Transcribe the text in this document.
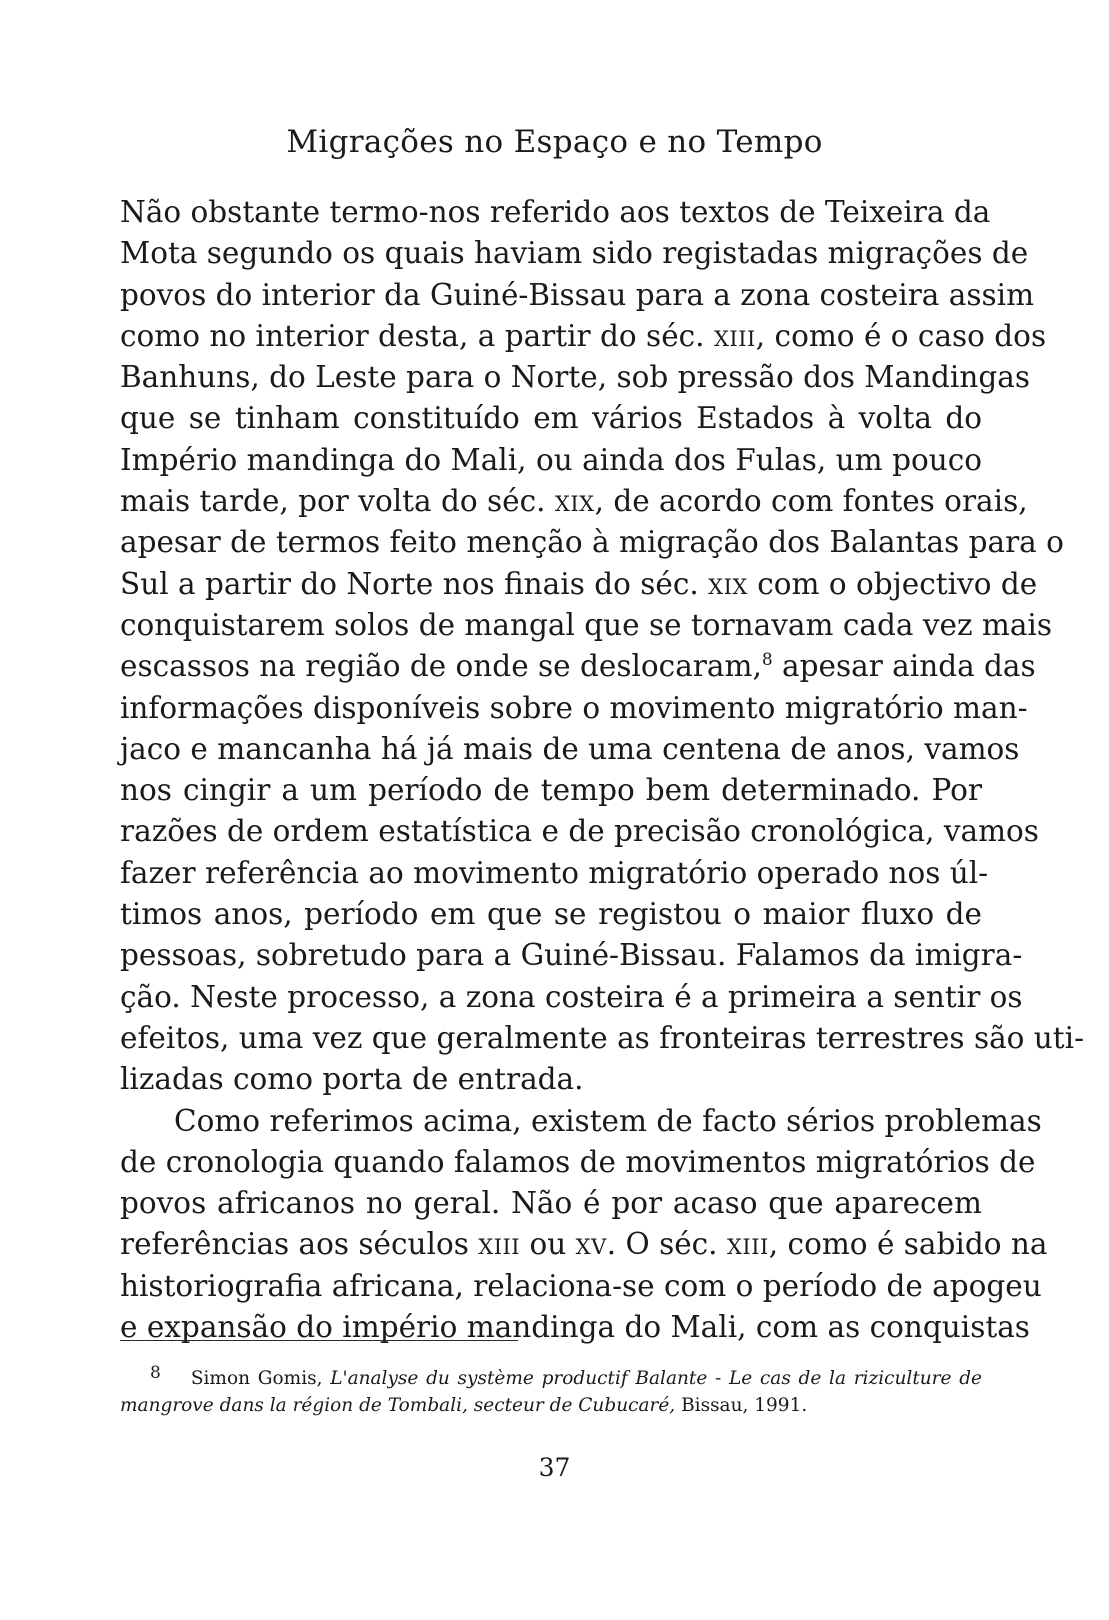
Migrações no Espaço e no Tempo
Não obstante termo-nos referido aos textos de Teixeira da
Mota segundo os quais haviam sido registadas migrações de
povos do interior da Guiné-Bissau para a zona costeira assim
como no interior desta, a partir do séc. xiii, como é o caso dos
Banhuns, do Leste para o Norte, sob pressão dos Mandingas
que se tinham constituído em vários Estados à volta do
Império mandinga do Mali, ou ainda dos Fulas, um pouco
mais tarde, por volta do séc. xix, de acordo com fontes orais,
apesar de termos feito menção à migração dos Balantas para o
Sul a partir do Norte nos finais do séc. xix com o objectivo de
conquistarem solos de mangal que se tornavam cada vez mais
escassos na região de onde se deslocaram,$^8$ apesar ainda das
informações disponíveis sobre o movimento migratório man-
jaco e mancanha há já mais de uma centena de anos, vamos
nos cingir a um período de tempo bem determinado. Por
razões de ordem estatística e de precisão cronológica, vamos
fazer referência ao movimento migratório operado nos úl-
timos anos, período em que se registou o maior fluxo de
pessoas, sobretudo para a Guiné-Bissau. Falamos da imigra-
ção. Neste processo, a zona costeira é a primeira a sentir os
efeitos, uma vez que geralmente as fronteiras terrestres são uti-
lizadas como porta de entrada.
Como referimos acima, existem de facto sérios problemas
de cronologia quando falamos de movimentos migratórios de
povos africanos no geral. Não é por acaso que aparecem
referências aos séculos xiii ou xv. O séc. xiii, como é sabido na
historiografia africana, relaciona-se com o período de apogeu
e expansão do império mandinga do Mali, com as conquistas
8 Simon Gomis, L'analyse du système productif Balante - Le cas de la riziculture de
mangrove dans la région de Tombali, secteur de Cubucaré, Bissau, 1991.
37
